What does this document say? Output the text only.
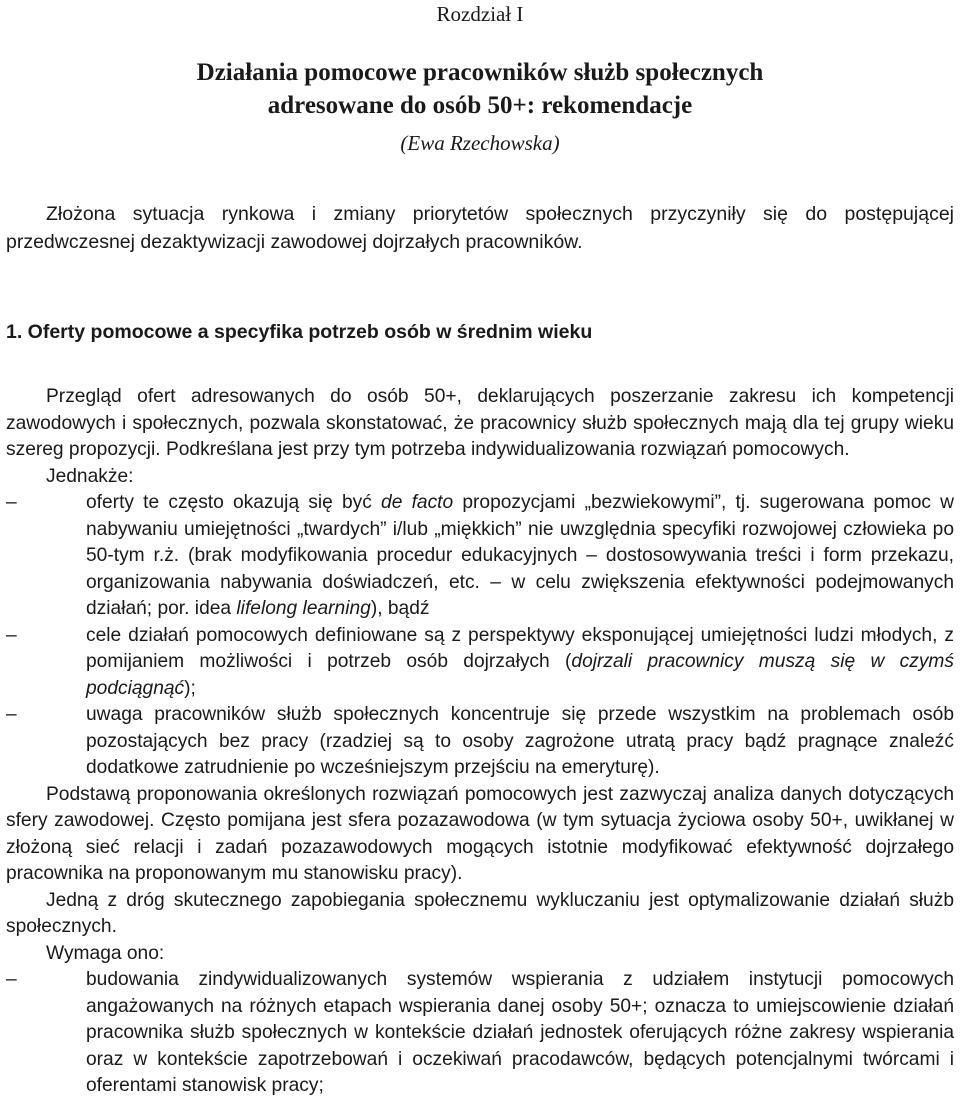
Rozdział I

Działania pomocowe pracowników służb społecznych
adresowane do osób 50+: rekomendacje

(Ewa Rzechowska)

Złożona sytuacja rynkowa i zmiany priorytetów społecznych przyczyniły się do postępującej przedwczesnej dezaktywizacji zawodowej dojrzałych pracowników.

1. Oferty pomocowe a specyfika potrzeb osób w średnim wieku

Przegląd ofert adresowanych do osób 50+, deklarujących poszerzanie zakresu ich kompetencji zawodowych i społecznych, pozwala skonstatować, że pracownicy służb społecznych mają dla tej grupy wieku szereg propozycji. Podkreślana jest przy tym potrzeba indywidualizowania rozwiązań pomocowych.

Jednakże:

–	oferty te często okazują się być de facto propozycjami „bezwiekowymi”, tj. sugerowana pomoc w nabywaniu umiejętności „twardych” i/lub „miękkich” nie uwzględnia specyfiki rozwojowej człowieka po 50-tym r.ż. (brak modyfikowania procedur edukacyjnych – dostosowywania treści i form przekazu, organizowania nabywania doświadczeń, etc. – w celu zwiększenia efektywności podejmowanych działań; por. idea lifelong learning), bądź
–	cele działań pomocowych definiowane są z perspektywy eksponującej umiejętności ludzi młodych, z pomijaniem możliwości i potrzeb osób dojrzałych (dojrzali pracownicy muszą się w czymś podciągnąć);
–	uwaga pracowników służb społecznych koncentruje się przede wszystkim na problemach osób pozostających bez pracy (rzadziej są to osoby zagrożone utratą pracy bądź pragnące znaleźć dodatkowe zatrudnienie po wcześniejszym przejściu na emeryturę).

Podstawą proponowania określonych rozwiązań pomocowych jest zazwyczaj analiza danych dotyczących sfery zawodowej. Często pomijana jest sfera pozazawodowa (w tym sytuacja życiowa osoby 50+, uwikłanej w złożoną sieć relacji i zadań pozazawodowych mogących istotnie modyfikować efektywność dojrzałego pracownika na proponowanym mu stanowisku pracy).

Jedną z dróg skutecznego zapobiegania społecznemu wykluczaniu jest optymalizowanie działań służb społecznych.

Wymaga ono:

–	budowania zindywidualizowanych systemów wspierania z udziałem instytucji pomocowych angażowanych na różnych etapach wspierania danej osoby 50+; oznacza to umiejscowienie działań pracownika służb społecznych w kontekście działań jednostek oferujących różne zakresy wspierania oraz w kontekście zapotrzebowań i oczekiwań pracodawców, będących potencjalnymi twórcami i oferentami stanowisk pracy;
